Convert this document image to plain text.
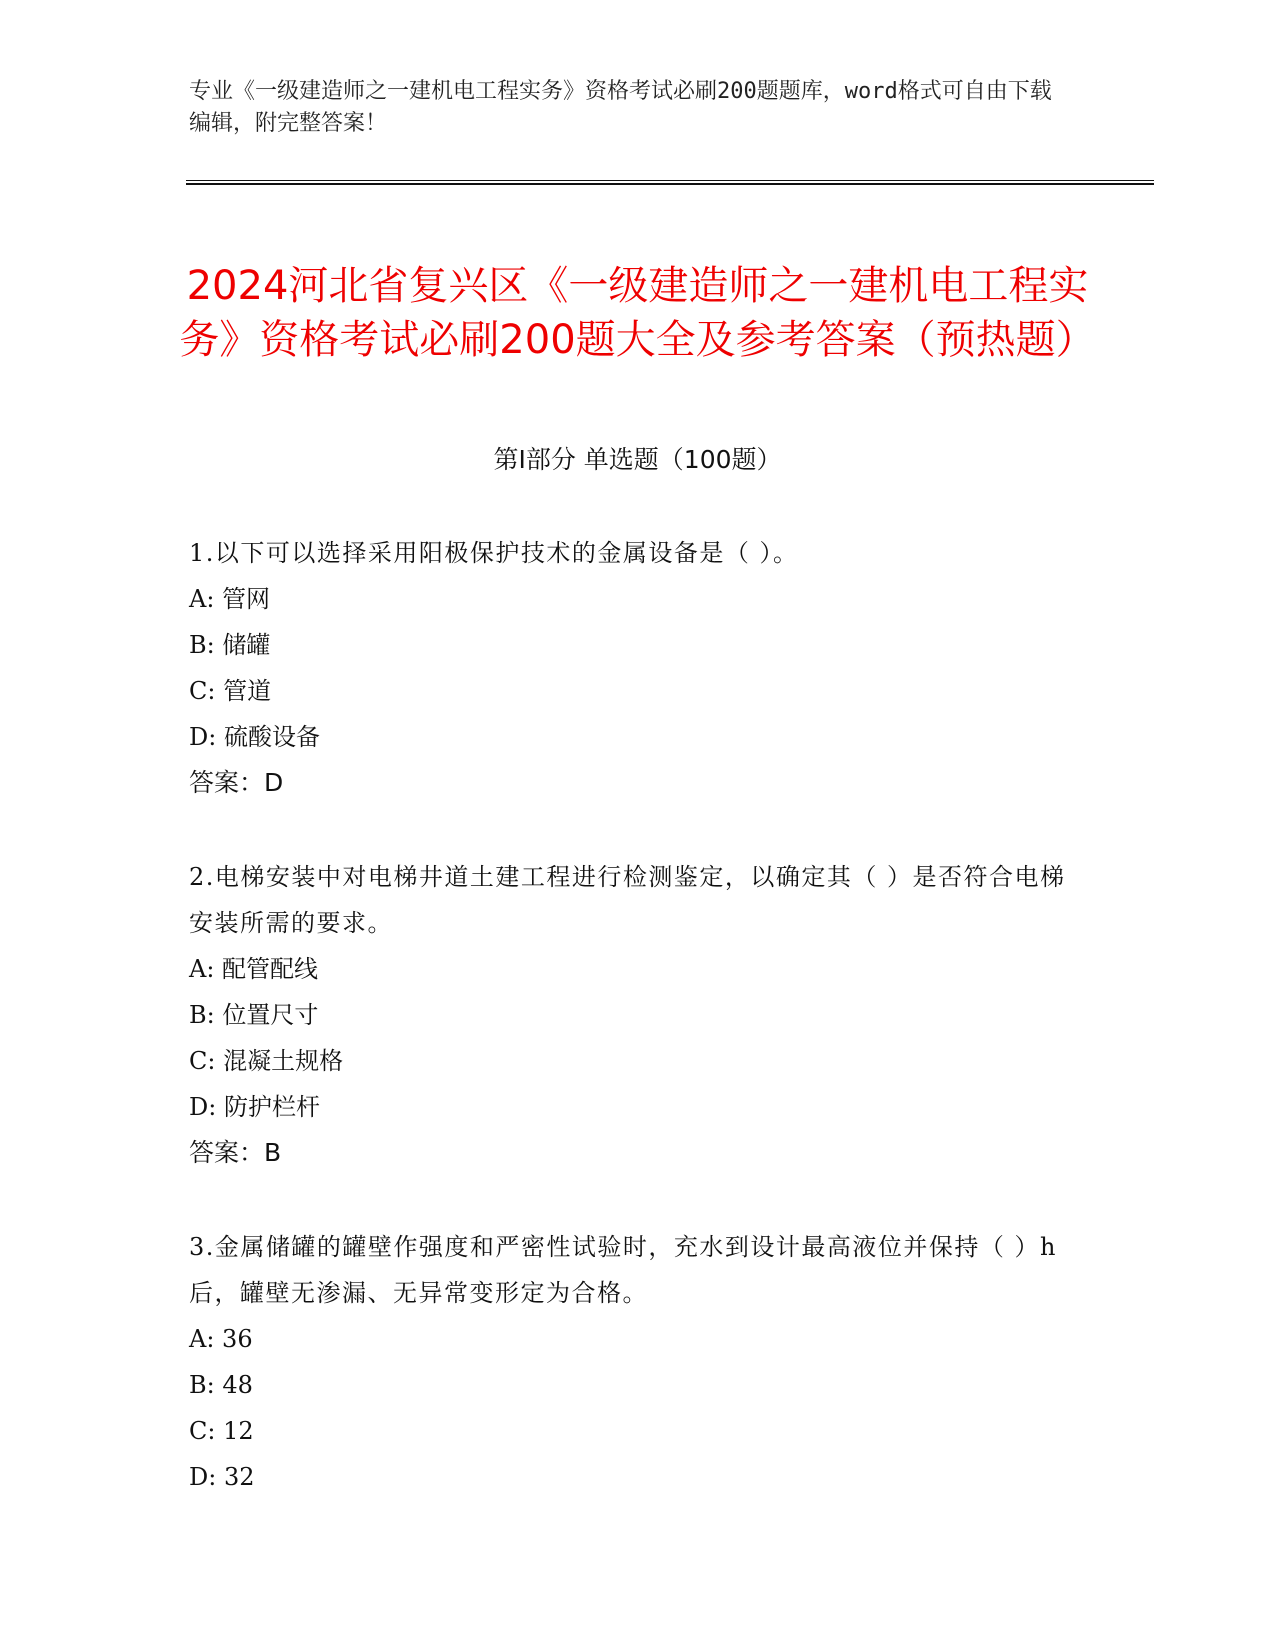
专业《一级建造师之一建机电工程实务》资格考试必刷200题题库，word格式可自由下载编辑，附完整答案！
2024河北省复兴区《一级建造师之一建机电工程实务》资格考试必刷200题大全及参考答案（预热题）
第Ⅰ部分 单选题（100题）

1.以下可以选择采用阳极保护技术的金属设备是（ ）。

A: 管网

B: 储罐

C: 管道

D: 硫酸设备

答案：D

2.电梯安装中对电梯井道土建工程进行检测鉴定，以确定其（ ）是否符合电梯安装所需的要求。

A: 配管配线

B: 位置尺寸

C: 混凝土规格

D: 防护栏杆

答案：B

3.金属储罐的罐壁作强度和严密性试验时，充水到设计最高液位并保持（ ）h后，罐壁无渗漏、无异常变形定为合格。

A: 36

B: 48

C: 12

D: 32
